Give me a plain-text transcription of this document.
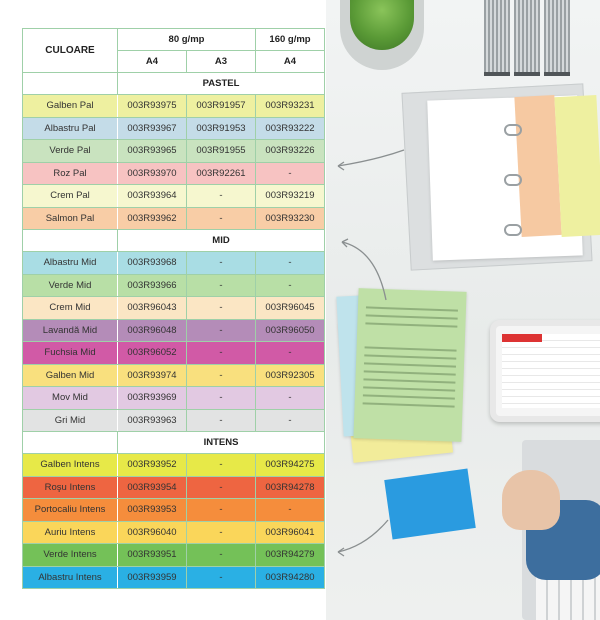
CULOARE	80 g/mp		160 g/mp
	A4	A3	A4
	PASTEL		
Galben Pal	003R93975	003R91957	003R93231
Albastru Pal	003R93967	003R91953	003R93222
Verde Pal	003R93965	003R91955	003R93226
Roz Pal	003R93970	003R92261	-
Crem Pal	003R93964	-	003R93219
Salmon Pal	003R93962	-	003R93230
	MID		
Albastru Mid	003R93968	-	-
Verde Mid	003R93966	-	-
Crem Mid	003R96043	-	003R96045
Lavandă Mid	003R96048	-	003R96050
Fuchsia Mid	003R96052	-	-
Galben Mid	003R93974	-	003R92305
Mov Mid	003R93969	-	-
Gri Mid	003R93963	-	-
	INTENS		
Galben Intens	003R93952	-	003R94275
Roşu Intens	003R93954	-	003R94278
Portocaliu Intens	003R93953	-	-
Auriu Intens	003R96040	-	003R96041
Verde Intens	003R93951	-	003R94279
Albastru Intens	003R93959	-	003R94280
